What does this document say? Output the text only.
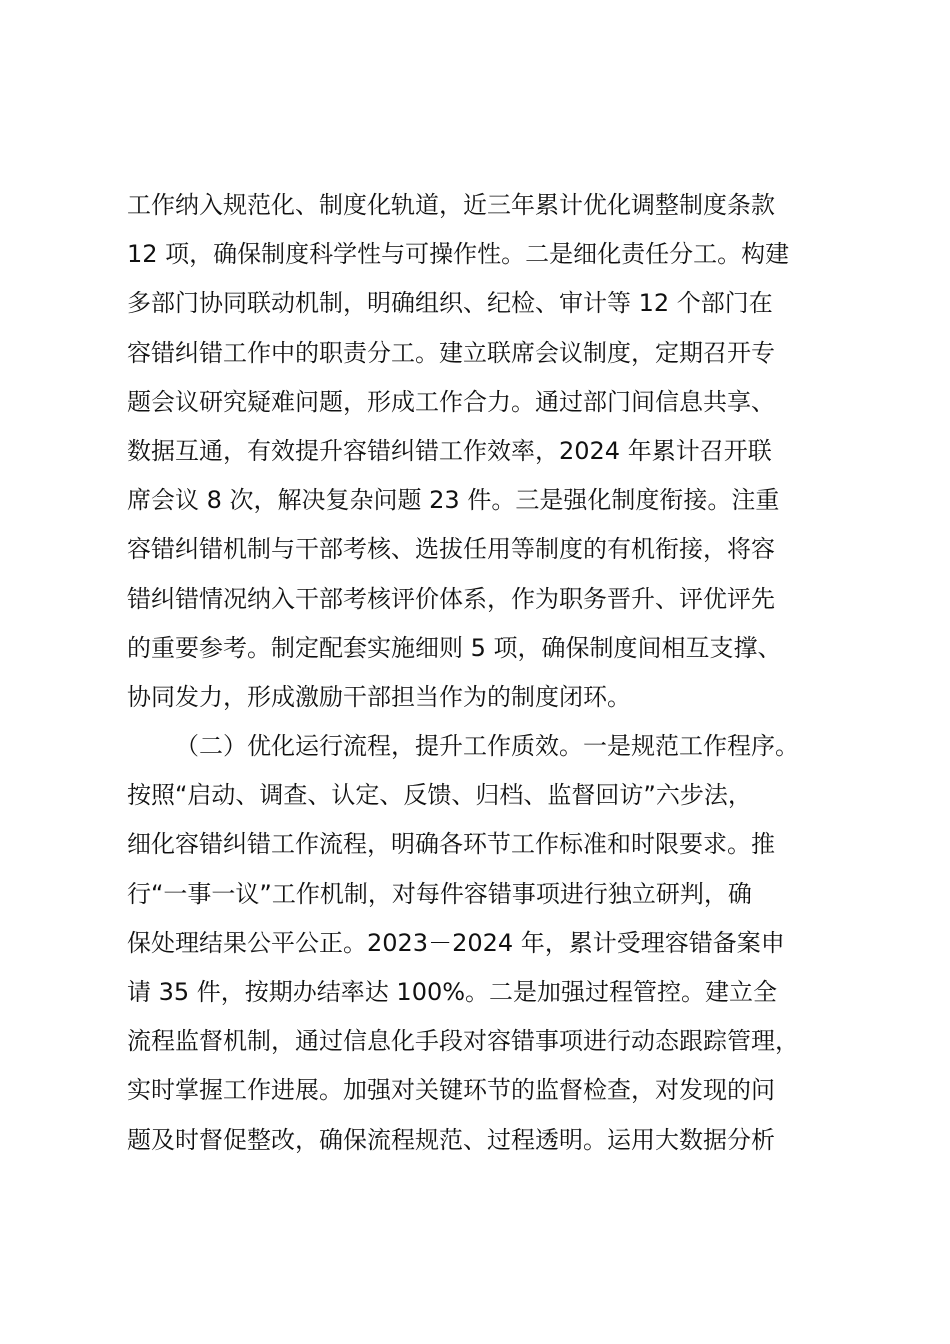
工作纳入规范化、制度化轨道，近三年累计优化调整制度条款
12 项，确保制度科学性与可操作性。二是细化责任分工。构建
多部门协同联动机制，明确组织、纪检、审计等 12 个部门在
容错纠错工作中的职责分工。建立联席会议制度，定期召开专
题会议研究疑难问题，形成工作合力。通过部门间信息共享、
数据互通，有效提升容错纠错工作效率，2024 年累计召开联
席会议 8 次，解决复杂问题 23 件。三是强化制度衔接。注重
容错纠错机制与干部考核、选拔任用等制度的有机衔接，将容
错纠错情况纳入干部考核评价体系，作为职务晋升、评优评先
的重要参考。制定配套实施细则 5 项，确保制度间相互支撑、
协同发力，形成激励干部担当作为的制度闭环。
（二）优化运行流程，提升工作质效。一是规范工作程序。
按照“启动、调查、认定、反馈、归档、监督回访”六步法，
细化容错纠错工作流程，明确各环节工作标准和时限要求。推
行“一事一议”工作机制，对每件容错事项进行独立研判，确
保处理结果公平公正。2023－2024 年，累计受理容错备案申
请 35 件，按期办结率达 100%。二是加强过程管控。建立全
流程监督机制，通过信息化手段对容错事项进行动态跟踪管理，
实时掌握工作进展。加强对关键环节的监督检查，对发现的问
题及时督促整改，确保流程规范、过程透明。运用大数据分析
